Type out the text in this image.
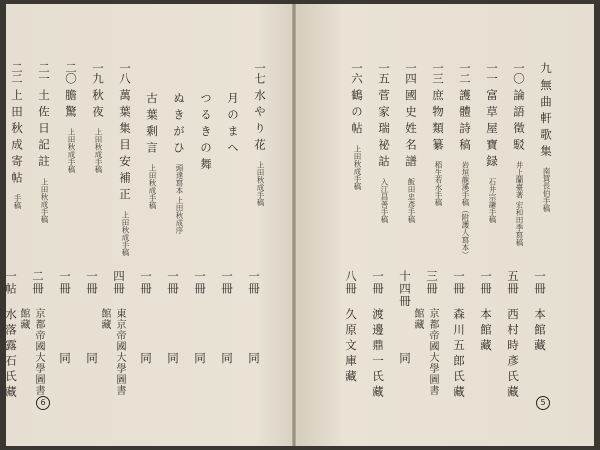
一七水やり花上田秋成手稿
一冊
同
月のまへ
一冊
同
つるきの舞
一冊
同
ぬきがひ頭達寫本 上田秋成序
一冊
同
古葉剩言上田秋成手稿
一冊
同
一八萬葉集目安補正上田秋成手稿
四冊
東京帝國大學圖書館藏
一九秋夜上田秋成手稿
一冊
同
二〇膽驚上田秋成手稿
一冊
同
二一土佐日記註上田秋成手稿
二冊
京都帝國大學圖書館藏
二二上田秋成寄帖手稿
一帖
水落露石氏藏
6
九無曲軒歌集南賀長伯手稿
一冊
本館藏
一〇論語徵駁井上蘭臺著 宏和田季寫稿
五冊
西村時彥氏藏
一一富草屋寶録石井宗謙手稿
一冊
本館藏
一二護體詩稿岩垣龍溪手稿（附護人寫本）
一冊
森川五郎氏藏
一三庶物類纂稻生若水手稿
三冊
京都帝國大學圖書館藏
一四國史姓名譜飯田忠彥手稿
十四冊
同
一五菅家瑞祕詁入江昌善手稿
一冊
渡邊鼎一氏藏
一六鶴の帖上田秋成手稿
八冊
久原文庫藏
5
